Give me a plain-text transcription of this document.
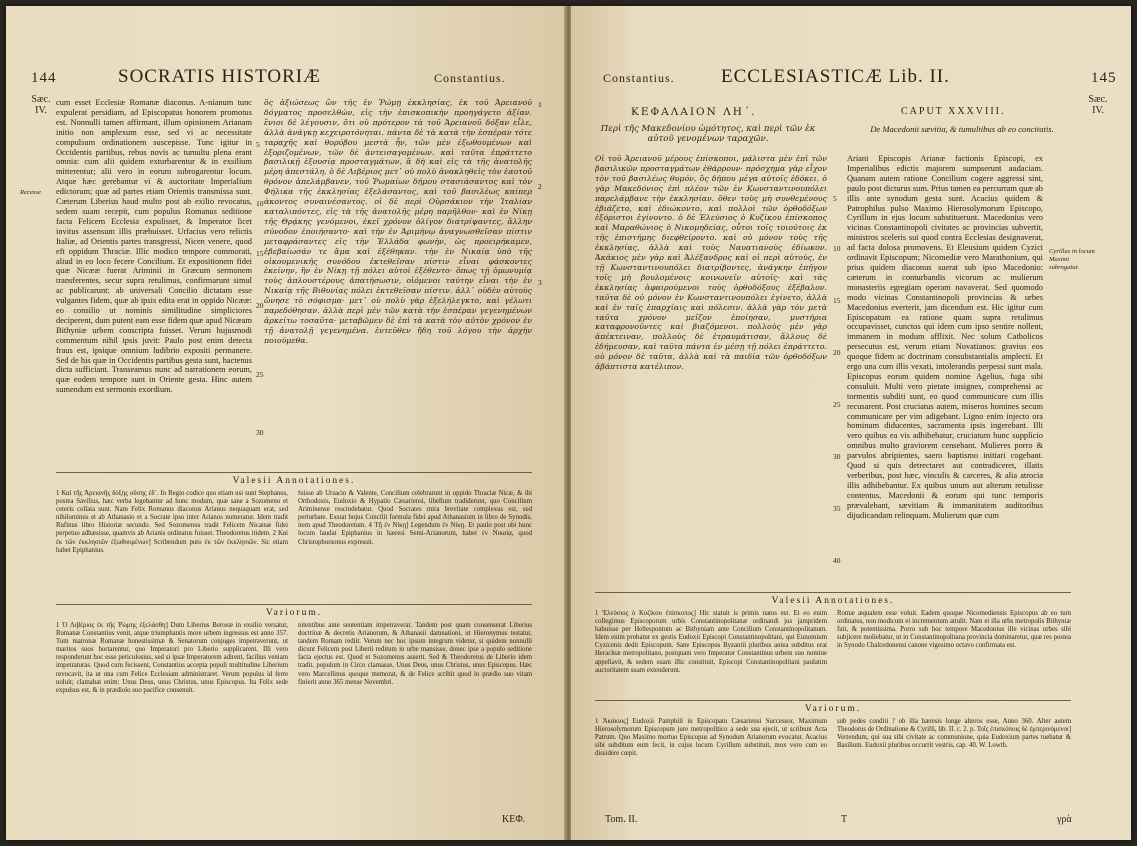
144	SOCRATIS HISTORIÆ	Constantius.
Sæc.
IV.

cum esset Ecclesiæ Romanæ diaconus. A-nianum tunc expulerat persidiam, ad Episcopatus honorem promotus est. Nonnulli tamen affirmant, illum opinionem Arianam initio non amplexum esse, sed vi ac necessitate compulsum ordinationem suscepisse. Tunc igitur in Occidentis partibus, rebus novis ac tumultu plena erant omnia: cum alii quidem exturbarentur & in exsilium mitterentur; alii vero in eorum subrogarentur locum. Atque hæc gerebantur vi & auctoritate Imperialium edictorum; quæ ad partes etiam Orientis transmissa sunt. Cæterum Liberius haud multo post ab exilio revocatus, sedem suam recepit, cum populus Romanus seditione facta Felicem Ecclesia expulisset, & Imperator licet invitus assensum illis præbuisset. Urfacius vero relictis Italiæ, ad Orientis partes transgressi, Nicen venere, quod eft oppidum Thraciæ. Illic modico tempore commorati, aliud in eo loco fecere Concilium. Et expositionem fidei quæ Nicææ fuerat Ariminii in Græcum sermonem transferentes, secur supra retulimus, confirmarunt simul ac publicarunt: ab universali Concilio dictatam esse vulgantes fidem, quæ ab ipsis edita erat in oppido Nicææ: eo consilio ut nominis similitudine simpliciores deciperent, dum putent eam esse fidem quæ apud Nicæam Bithyniæ urbem conscripta fuisset. Verum hujusmodi commentum nihil ipsis juvit: Paulo post enim detecta fraus est, ipsique omnium ludibrio expositi permanere. Sed de his quæ in Occidentis partibus gesta sunt, hactenus dicta sufficiant. Transeamus nunc ad narrationem eorum, quæ eodem tempore sunt in Oriente gesta. Hinc autem sumendum est sermonis exordium.

Recesse

ὃς ἀξιώσεως ὢν τῆς ἐν Ῥώμῃ ἐκκλησίας, ἐκ τοῦ Ἀρειανοῦ δόγματος προσελθὼν, εἰς τὴν ἐπισκοπικὴν προηγάγετο ἀξίαν. ἔνιοι δὲ λέγουσιν, ὅτι οὐ πρότερον τὰ τοῦ Ἀρειανοῦ δόξαν εἶλε, ἀλλὰ ἀνάγκῃ κεχειροτόνηται. πάντα δὲ τὰ κατὰ τὴν ἑσπέραν τότε ταραχῆς καὶ θορύβου μεστὰ ἦν, τῶν μὲν ἐξωθουμένων καὶ ἐξοριζομένων, τῶν δὲ ἀντεισαγομένων. καὶ ταῦτα ἐπράττετο βασιλικῇ ἐξουσίᾳ προσταγμάτων, ἃ δὴ καὶ εἰς τὰ τῆς ἀνατολῆς μέρη ἀπεστάλη. ὁ δὲ Λιβέριος μετ᾽ οὐ πολὺ ἀνακληθεὶς τὸν ἑαυτοῦ θρόνον ἀπελάμβανεν, τοῦ Ῥωμαίων δήμου στασιάσαντος καὶ τὸν Φήλικα τῆς ἐκκλησίας ἐξελάσαντος, καὶ τοῦ βασιλέως καίπερ ἀκοντος συναινέσαντος. οἱ δὲ περὶ Οὐρσάκιον τὴν Ἰταλίαν καταλιπόντες, εἰς τὰ τῆς ἀνατολῆς μέρη παρῆλθον· καὶ ἐν Νίκῃ τῆς Θρᾴκης γενόμενοι, ἐκεῖ χρόνον ὀλίγον διατρίψαντες, ἄλλην σύνοδον ἐποιήσαντο· καὶ τὴν ἐν Ἀριμήνῳ ἀναγνωσθεῖσαν πίστιν μεταφράσαντες εἰς τὴν Ἑλλάδα φωνὴν, ὡς προειρήκαμεν, ἐβεβαίωσάν τε ἅμα καὶ ἐξέθηκαν. τὴν ἐν Νικαίᾳ ὑπὸ τῆς οἰκουμενικῆς συνόδου ἐκτεθεῖσαν πίστιν εἶναι φάσκοντες ἐκείνην, ἣν ἐν Νίκῃ τῇ πόλει αὐτοὶ ἐξέθεντο· ὅπως τῇ ὁμωνυμίᾳ τοὺς ἁπλουστέρους ἀπατήσωσιν, οἰόμενοι ταύτην εἶναι τὴν ἐν Νικαίᾳ τῆς Βιθυνίας πόλει ἐκτεθεῖσαν πίστιν. ἀλλ᾽ οὐδὲν αὐτοὺς ὤνησε τὸ σόφισμα· μετ᾽ οὐ πολὺ γὰρ ἐξελήλεγκτο, καὶ γέλωτι παρεδόθησαν. ἀλλὰ περὶ μὲν τῶν κατὰ τὴν ἑσπέραν γεγενημένων ἀρκείτω τοσαῦτα· μεταβῶμεν δὲ ἐπὶ τὰ κατὰ τὸν αὐτὸν χρόνον ἐν τῇ ἀνατολῇ γεγενημένα. ἐντεῦθεν ἤδη τοῦ λόγου τὴν ἀρχὴν ποιούμεθα.

1
5
2
10
15
3
20
25
30
Valesii Annotationes.
1 Καὶ τῆς Ἀρειανῆς δόξης οὔσης ἐδ᾽. In Regio codice quo etiam usi sunt Stephanus, postea Savilius, hæc verba legebantur ad hunc modum, quæ sane a Sozomeno et ceteris collata sunt. Nam Felix Romanus diaconus Arianus nequaquam erat, sed nihilominus et ab Athanasio et a Socrate ipso inter Arianos numeratur. Idem tradit Rufinus libro Historiæ secundo. Sed Sozomenus tradit Felicem Nicænæ fidei perpetuo adhæsisse, quamvis ab Arianis ordinatus fuisset. Theodoretus itidem. 2 Καὶ ἐκ τῶν ἐκκλησιῶν ἐξωθουμένων] Scribendum puto ἐκ τῶν ἐκκλησιῶν. Sic etiam habet Epiphanius.
fuisse ab Ursacio & Valente, Concilium celebrarunt in oppido Thraciæ Nicæ, & ibi Orthodoxis, Eudoxio & Hypatio Cæsariensi, libellum tradiderunt, quo Concilium Ariminense rescindebatur. Quod Socrates mira brevitate complexus est, sed perturbate. Exstat hujus Concilii formula fidei apud Athanasium in libro de Synodis, item apud Theodoretum. 4 Τῇ ἐν Νίκῃ] Legendum ἐν Νίκῃ. Et paulo post ubi hunc locum laudat Epiphanius in hæresi Semi-Arianorum, habet ἐν Νικαίᾳ, quod Christophorsonus expressit.
Variorum.
1 Ὁ Λιβέριος ἐκ τῆς Ῥώμης ἐξελάσθη] Dum Liberius Beroeæ in exsilio versatur, Romanæ Constantius venit, atque triumphantis more urbem ingressus est anno 357. Tum matronæ Romanæ honestissimæ & Senatorum conjuges impetraverunt, ut maritos suos hortarentur, quo Imperatori pro Liberio supplicarent. Illi vero responderunt hoc esse periculosius, sed si ipsæ Imperatorem adirent, facilius veniam impetraturas. Quod cum fecissent, Constantius accepta populi multitudine Liberium revocavit, ita ut una cum Felice Ecclesiam administraret. Verum populus id ferre noluit; clamabat enim: Unus Deus, unus Christus, unus Episcopus. Ita Felix sede expulsus est, & in prædiolo suo pacifice consenuit.
nitentibus ante sententiam impetraverat. Tandem post quam consenserat Liberius doctrinæ & decretis Arianorum, & Athanasii damnationi, ut Hieronymus testatur, tandem Romam rediit. Verum nec hoc ipsum integrum videtur, si quidem nonnulli dicunt Felicem post Liberii reditum in urbe mansisse, donec ipse a populo seditione facta ejectus est. Quod et Sozomenus asserit. Sed & Theodoretus de Liberio idem tradit, populum in Circo clamasse, Unus Deus, unus Christus, unus Episcopus. Hæc vero Marcellinus quoque memorat, & de Felice scribit quod in prædio suo vitam finierit anno 365 mense Novembri.
ΚΕΦ.
Constantius. ECCLESIASTICÆ Lib. II.	145
Sæc.
IV.
ΚΕΦΑΛΑΙΟΝ ΛΗ΄.	CAPUT XXXVIII.
Περὶ τῆς Μακεδονίου ὠμότητος, καὶ περὶ τῶν ἐκ αὐτοῦ γενομένων ταραχῶν.
De Macedonii sævitia, & tumultibus ab eo concitatis.

Οἱ τοῦ Ἀρειανοῦ μέρους ἐπίσκοποι, μάλιστα μὲν ἐπὶ τῶν βασιλικῶν προσταγμάτων ἐθάρρουν· πρόσχημα γὰρ εἶχον τὸν τοῦ βασιλέως θυμόν, ὃς δήπου μέγα αὐτοῖς ἐδόκει. ὁ γὰρ Μακεδόνιος ἐπὶ πλέον τῶν ἐν Κωνσταντινουπόλει παρελάμβανε τὴν ἐκκλησίαν. ὅθεν τοὺς μὴ συνθεμένους ἐβιάζετο, καὶ ἐδιώκοντο, καὶ πολλοὶ τῶν ὀρθοδόξων ἐξόριστοι ἐγίνοντο. ὁ δὲ Ἐλεύσιος ὁ Κυζίκου ἐπίσκοπος καὶ Μαραθώνιος ὁ Νικομηδείας, οὗτοι τοῖς τοιούτοις ἐκ τῆς ἐπιστήμης διεφθείροντο. καὶ οὐ μόνον τοὺς τῆς ἐκκλησίας, ἀλλὰ καὶ τοὺς Ναυατιανοὺς ἐδίωκον. Ἀκάκιος μὲν γὰρ καὶ Ἀλέξανδρος καὶ οἱ περὶ αὐτοὺς, ἐν τῇ Κωνσταντινουπόλει διατρίβοντες, ἀνάγκην ἐπῆγον τοῖς μὴ βουλομένοις κοινωνεῖν αὐτοῖς· καὶ τὰς ἐκκλησίας ἀφαιρούμενοι τοὺς ὀρθοδόξους ἐξέβαλον. ταῦτα δὲ οὐ μόνον ἐν Κωνσταντινουπόλει ἐγίνετο, ἀλλὰ καὶ ἐν ταῖς ἐπαρχίαις καὶ πόλεσιν. ἀλλὰ γὰρ τὸν μετὰ ταῦτα χρόνον μεῖζον ἐποίησαν, μυστήρια καταφρονοῦντες καὶ βιαζόμενοι. πολλοὺς μὲν γὰρ ἀπέκτειναν, πολλοὺς δὲ ἐτραυμάτισαν, ἄλλους δὲ ἐδήμευσαν, καὶ ταῦτα πάντα ἐν μέσῃ τῇ πόλει ἐπράττετο. οὐ μόνον δὲ ταῦτα, ἀλλὰ καὶ τὰ παιδία τῶν ὀρθοδόξων ἀβάπτιστα κατέλιπον.

Ariani Episcopis Arianæ factionis Episcopi, ex Imperialibus edictis majorem sumpserunt audaciam. Quanam autem ratione Concilium cogere aggressi sint, paulo post dicturus sum. Prius tamen ea percurram quæ ab illis ante synodum gesta sunt. Acacius quidem & Patrophilus pulso Maximo Hierosolymorum Episcopo, Cyrillum in ejus locum substituerunt. Macedonius vero vicinas Constantinopoli civitates ac provincias subvertit, ministros sceleris sui quod contra Ecclesias designaverat, ad facta dolosa promovens. Et Eleusium quidem Cyzici ordinavit Episcopum; Nicomediæ vero Marathonium, qui prius quidem diaconus suerat sub ipso Macedonio: cæterum in conturbandis vicorum ac mulierum monasteriis egregiam operam navaverat. Sed quomodo modo vicinas Constantinopoli provincias & urbes Macedonius everterit, jam dicendum est. Hic igitur cum Episcopatum ea ratione quam supra retulimus occupavisset, cunctos qui idem cum ipso sentire nollent, immanem in modum afflixit. Nec solum Catholicos persecutus est, verum etiam Novatianos: gravius eos quoque fidem ac doctrinam consubstantialis amplecti. Et ergo una cum illis vexati, intolerandis perpessi sunt mala. Episcopus eorum quidem nomine Agelius, fuga sibi consuluit. Multi vero pietate insignes, comprehensi ac tormentis subditi sunt, eo quod communicare cum illis recusarent. Post cruciatus autem, miseros homines secum communicare per vim adigebant. Ligno enim injecto ora hominum diducentes, sacramenta ipsis ingerebant. Illi vero quibus ea vis adhibebatur, cruciatum hunc supplicio omnibus multo graviorem censebant. Mulieres porro & parvulos abripientes, saero baptismo initiari cogebant. Quod si quis detrectaret aut contradiceret, illatis verberibus, post hæc, vinculis & carceres, & alia atrocia illis adhibebantur. Ex quibus unum aut alterum retulisse contentus, Macedonii & eorum qui tunc temporis prævalebant, sævitiam & immanitatem auditoribus dijudicandam relinquam. Mulierum quæ cum

Cyrillus in locum Maximi subrogatur.
5
10
15
20
25
30
35
40
Valesii Annotationes.
1 Ἐλεύσιος ὁ Κυζίκου ἐπίσκοπος] Hic statuit is primis natus est. Et eo enim collegimus Episcoporum urbis Constantinopolitanæ ordinandi jus jampridem habuisse per Hellespontum ac Bithyniam ante Concilium Constantinopolitanum. Idem enim probatur ex gestis Eudoxii Episcopi Constantinopolitani, qui Eunomium Cyzicenis dedit Episcopum. Sane Episcopus Byzantii pluribus antea subditus erat Heracleæ metropolitano, postquam vero Imperator Constantinus urbem suo nomine appellavit, & sedem suam illic constituit, Episcopi Constantinopolitani paulatim auctoritatem suam extenderunt.
Romæ æqualem esse voluit. Eadem quoque Nicomediensis Episcopus ab eo tum ordinatus, non modicum ei incrementum attulit. Nam et illa urbs metropolis Bithyniæ fuit, & potentissima. Porro sub hoc tempore Macedonius ille vicinas urbes sibi subjicere moliebatur, ut in Constantinopolitana provincia dominaretur, quæ res postea in Synodo Chalcedonensi canone vigesimo octavo confirmata est.
Variorum.
1 Ἀκάκιος] Eudoxii Pamphili in Episcopatu Cæsariensi Successor, Maximum Hierosolymorum Episcopum jure metropolitico a sede sua ejecit, ut scribunt Acta Patrum. Quo Maximo mortuo Episcopus ad Synodum Arianorum evocatur. Acacius sibi subditum eum fecit, in cujus locum Cyrillum substituit, mox vero cum eo dissidere cœpit.
sub pedes conditi ? ob illa hæresis longe alteros esse, Anno 360. Alter autem Theodorus de Ordinatione & Cyrilli, lib. II. c. 2. p. Τοῖς ἐπισκόποις δὲ ἐμπερινόμενοι] Vertendum, qui sua sibi civitate ac communione, quia Eudoxium partes tuebatur & Basilium. Eudoxii pluribus occurrit vestris, cap. 40. W. Lowth.
Tom. II.	T	γρὰ
